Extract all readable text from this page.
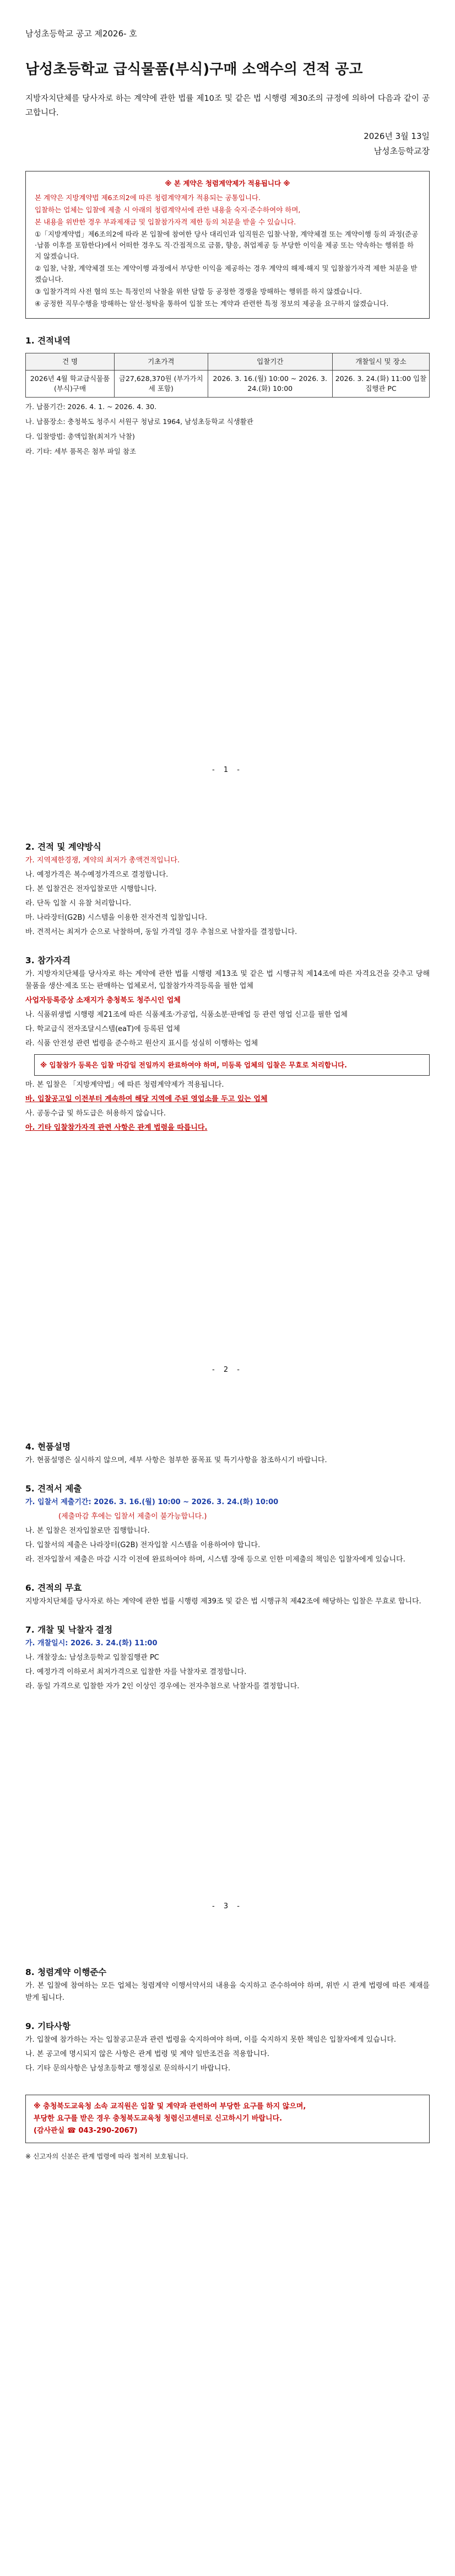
남성초등학교 공고 제2026- 호
남성초등학교 급식물품(부식)구매 소액수의 견적 공고
지방자치단체를 당사자로 하는 계약에 관한 법률 제10조 및 같은 법 시행령 제30조의 규정에 의하여 다음과 같이 공고합니다.
2026년 3월 13일
남성초등학교장
※ 본 계약은 청렴계약제가 적용됩니다 ※
본 계약은 지방계약법 제6조의2에 따른 청렴계약제가 적용되는 공통입니다.
입찰하는 업체는 입찰에 제출 시 아래의 청렴계약서에 관한 내용을 숙지·준수하여야 하며,
본 내용을 위반한 경우 부과제재금 및 입찰참가자격 제한 등의 처분을 받을 수 있습니다.
①「지방계약법」제6조의2에 따라 본 입찰에 참여한 당사 대리인과 임직원은 입찰·낙찰, 계약체결 또는 계약이행 등의 과정(준공·납품 이후를 포함한다)에서 어떠한 경우도 직·간접적으로 금품, 향응, 취업제공 등 부당한 이익을 제공 또는 약속하는 행위를 하지 않겠습니다.
② 입찰, 낙찰, 계약체결 또는 계약이행 과정에서 부당한 이익을 제공하는 경우 계약의 해제·해지 및 입찰참가자격 제한 처분을 받겠습니다.
③ 입찰가격의 사전 협의 또는 특정인의 낙찰을 위한 담합 등 공정한 경쟁을 방해하는 행위를 하지 않겠습니다.
④ 공정한 직무수행을 방해하는 알선·청탁을 통하여 입찰 또는 계약과 관련한 특정 정보의 제공을 요구하지 않겠습니다.
1. 견적내역
건 명	기초가격	입찰기간	개찰일시 및 장소
2026년 4월 학교급식물품(부식)구매	금27,628,370원 (부가가치세 포함)	2026. 3. 16.(월) 10:00 ~ 2026. 3. 24.(화) 10:00	2026. 3. 24.(화) 11:00 입찰집행관 PC
가. 납품기간: 2026. 4. 1. ~ 2026. 4. 30.
나. 납품장소: 충청북도 청주시 서원구 청남로 1964, 남성초등학교 식생활관
다. 입찰방법: 총액입찰(최저가 낙찰)
라. 기타: 세부 품목은 첨부 파일 참조
- 1 -
2. 견적 및 계약방식
가. 지역제한경쟁, 계약의 최저가 총액견적입니다.
나. 예정가격은 복수예정가격으로 결정합니다.
다. 본 입찰건은 전자입찰로만 시행합니다.
라. 단독 입찰 시 유찰 처리합니다.
마. 나라장터(G2B) 시스템을 이용한 전자견적 입찰입니다.
바. 견적서는 최저가 순으로 낙찰하며, 동일 가격일 경우 추첨으로 낙찰자를 결정합니다.
3. 참가자격
가. 지방자치단체를 당사자로 하는 계약에 관한 법률 시행령 제13조 및 같은 법 시행규칙 제14조에 따른 자격요건을 갖추고 당해 물품을 생산·제조 또는 판매하는 업체로서, 입찰참가자격등록을 필한 업체
사업자등록증상 소재지가 충청북도 청주시인 업체
나. 식품위생법 시행령 제21조에 따른 식품제조·가공업, 식품소분·판매업 등 관련 영업 신고를 필한 업체
다. 학교급식 전자조달시스템(eaT)에 등록된 업체
라. 식품 안전성 관련 법령을 준수하고 원산지 표시를 성실히 이행하는 업체
※ 입찰참가 등록은 입찰 마감일 전일까지 완료하여야 하며, 미등록 업체의 입찰은 무효로 처리합니다.
마. 본 입찰은 「지방계약법」에 따른 청렴계약제가 적용됩니다.
바. 입찰공고일 이전부터 계속하여 해당 지역에 주된 영업소를 두고 있는 업체
사. 공동수급 및 하도급은 허용하지 않습니다.
아. 기타 입찰참가자격 관련 사항은 관계 법령을 따릅니다.
- 2 -
4. 현품설명
가. 현품설명은 실시하지 않으며, 세부 사항은 첨부한 품목표 및 특기사항을 참조하시기 바랍니다.
5. 견적서 제출
가. 입찰서 제출기간: 2026. 3. 16.(월) 10:00 ~ 2026. 3. 24.(화) 10:00
(제출마감 후에는 입찰서 제출이 불가능합니다.)
나. 본 입찰은 전자입찰로만 집행합니다.
다. 입찰서의 제출은 나라장터(G2B) 전자입찰 시스템을 이용하여야 합니다.
라. 전자입찰서 제출은 마감 시각 이전에 완료하여야 하며, 시스템 장애 등으로 인한 미제출의 책임은 입찰자에게 있습니다.
6. 견적의 무효
지방자치단체를 당사자로 하는 계약에 관한 법률 시행령 제39조 및 같은 법 시행규칙 제42조에 해당하는 입찰은 무효로 합니다.
7. 개찰 및 낙찰자 결정
가. 개찰일시: 2026. 3. 24.(화) 11:00
나. 개찰장소: 남성초등학교 입찰집행관 PC
다. 예정가격 이하로서 최저가격으로 입찰한 자를 낙찰자로 결정합니다.
라. 동일 가격으로 입찰한 자가 2인 이상인 경우에는 전자추첨으로 낙찰자를 결정합니다.
- 3 -
8. 청렴계약 이행준수
가. 본 입찰에 참여하는 모든 업체는 청렴계약 이행서약서의 내용을 숙지하고 준수하여야 하며, 위반 시 관계 법령에 따른 제재를 받게 됩니다.
9. 기타사항
가. 입찰에 참가하는 자는 입찰공고문과 관련 법령을 숙지하여야 하며, 이를 숙지하지 못한 책임은 입찰자에게 있습니다.
나. 본 공고에 명시되지 않은 사항은 관계 법령 및 계약 일반조건을 적용합니다.
다. 기타 문의사항은 남성초등학교 행정실로 문의하시기 바랍니다.
※ 충청북도교육청 소속 교직원은 입찰 및 계약과 관련하여 부당한 요구를 하지 않으며,
부당한 요구를 받은 경우 충청북도교육청 청렴신고센터로 신고하시기 바랍니다.
(감사관실 ☎ 043-290-2067)
※ 신고자의 신분은 관계 법령에 따라 철저히 보호됩니다.
